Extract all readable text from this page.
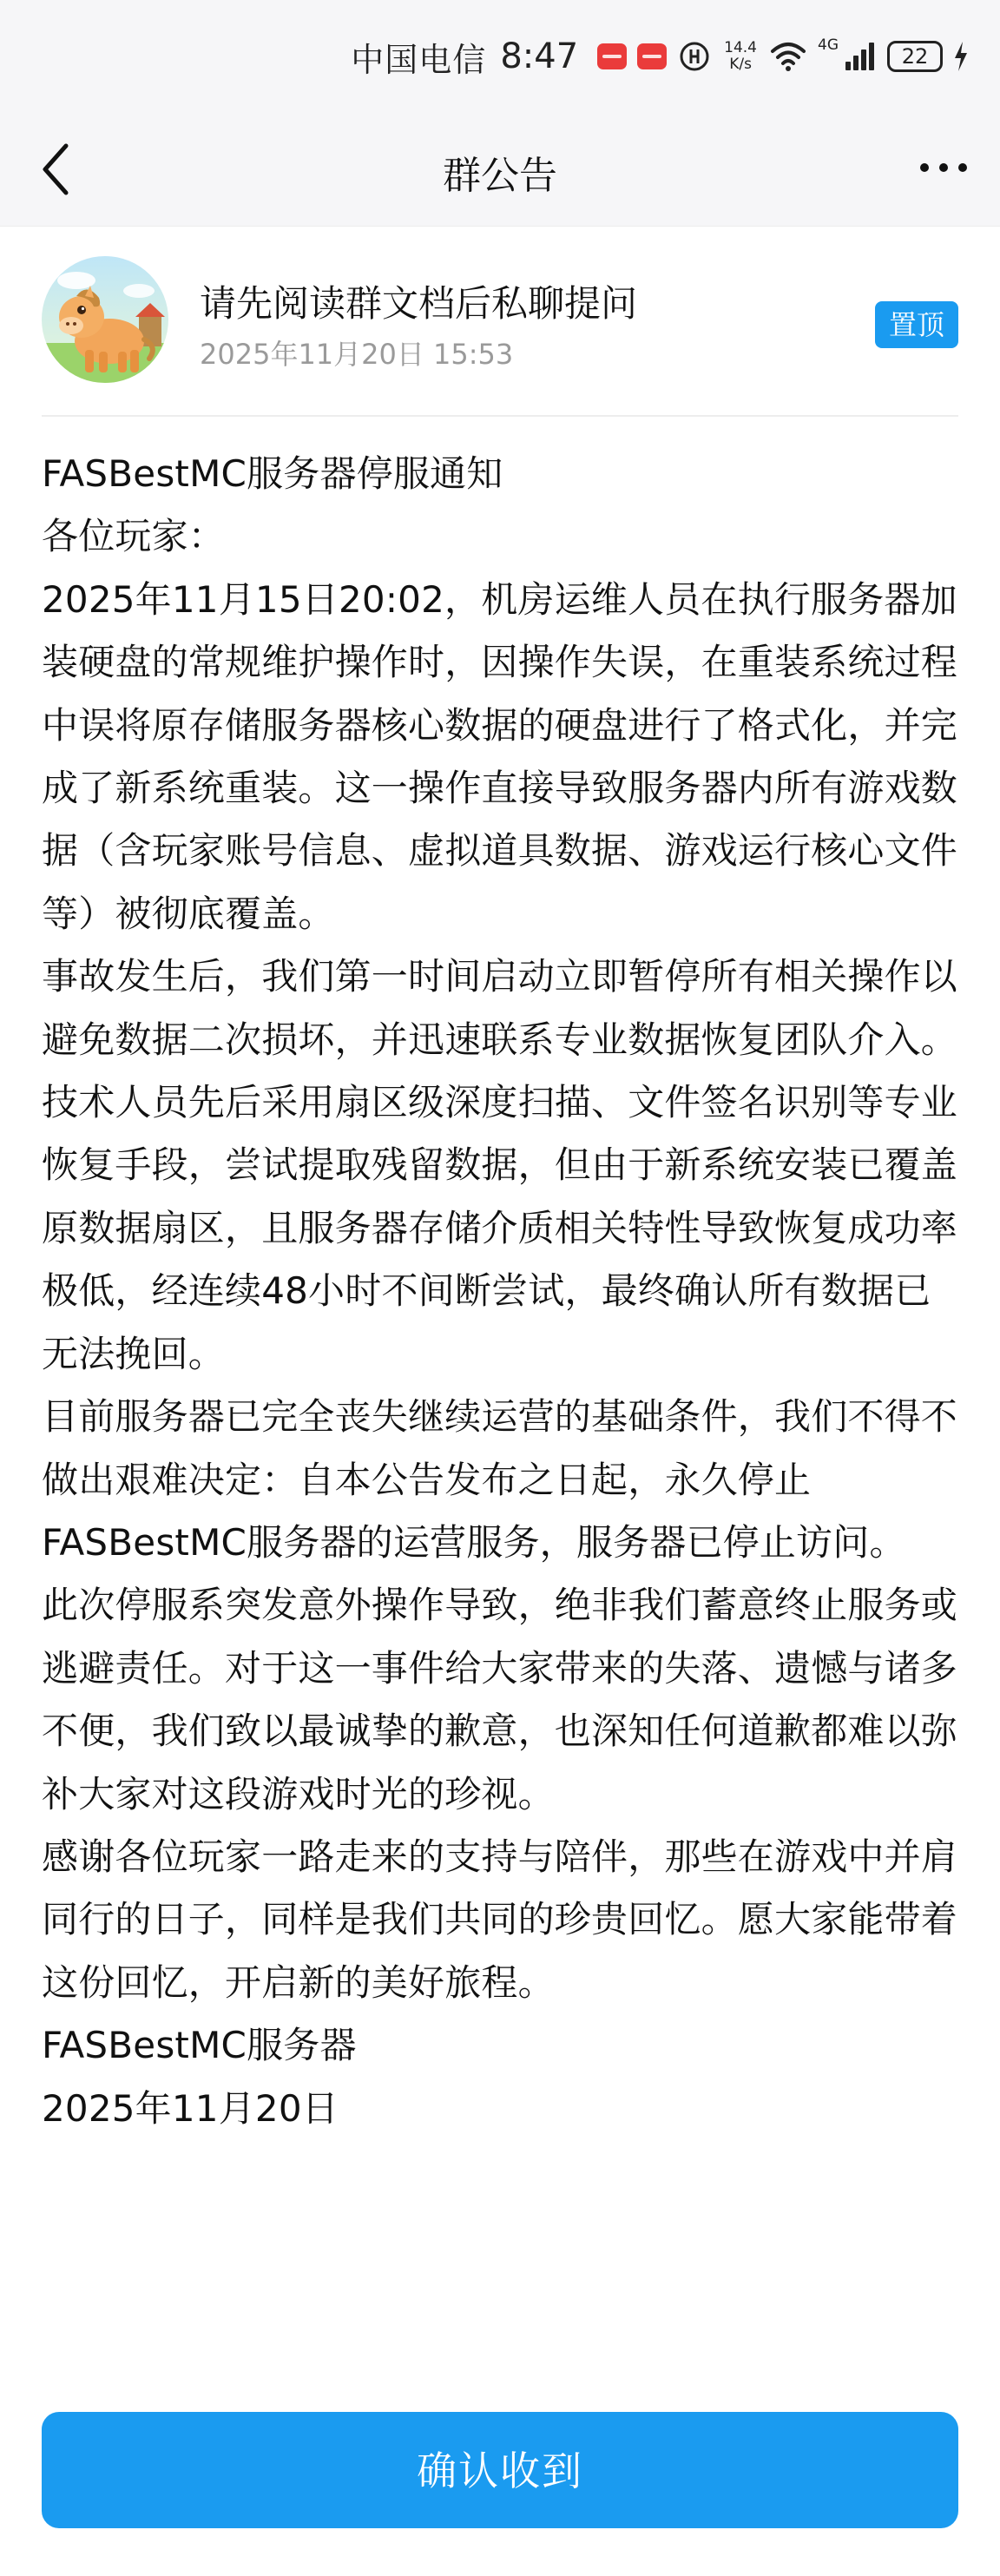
中国电信 8:47	14.4
K/s
4G	22
群公告
请先阅读群文档后私聊提问
2025年11月20日 15:53
置顶

FASBestMC服务器停服通知

各位玩家：

2025年11月15日20:02，机房运维人员在执行服务器加装硬盘的常规维护操作时，因操作失误，在重装系统过程中误将原存储服务器核心数据的硬盘进行了格式化，并完成了新系统重装。这一操作直接导致服务器内所有游戏数据（含玩家账号信息、虚拟道具数据、游戏运行核心文件等）被彻底覆盖。

事故发生后，我们第一时间启动立即暂停所有相关操作以避免数据二次损坏，并迅速联系专业数据恢复团队介入。技术人员先后采用扇区级深度扫描、文件签名识别等专业恢复手段，尝试提取残留数据，但由于新系统安装已覆盖原数据扇区，且服务器存储介质相关特性导致恢复成功率极低，经连续48小时不间断尝试，最终确认所有数据已无法挽回。

目前服务器已完全丧失继续运营的基础条件，我们不得不做出艰难决定：自本公告发布之日起，永久停止FASBestMC服务器的运营服务，服务器已停止访问。

此次停服系突发意外操作导致，绝非我们蓄意终止服务或逃避责任。对于这一事件给大家带来的失落、遗憾与诸多不便，我们致以最诚挚的歉意，也深知任何道歉都难以弥补大家对这段游戏时光的珍视。

感谢各位玩家一路走来的支持与陪伴，那些在游戏中并肩同行的日子，同样是我们共同的珍贵回忆。愿大家能带着这份回忆，开启新的美好旅程。

FASBestMC服务器

2025年11月20日

确认收到
